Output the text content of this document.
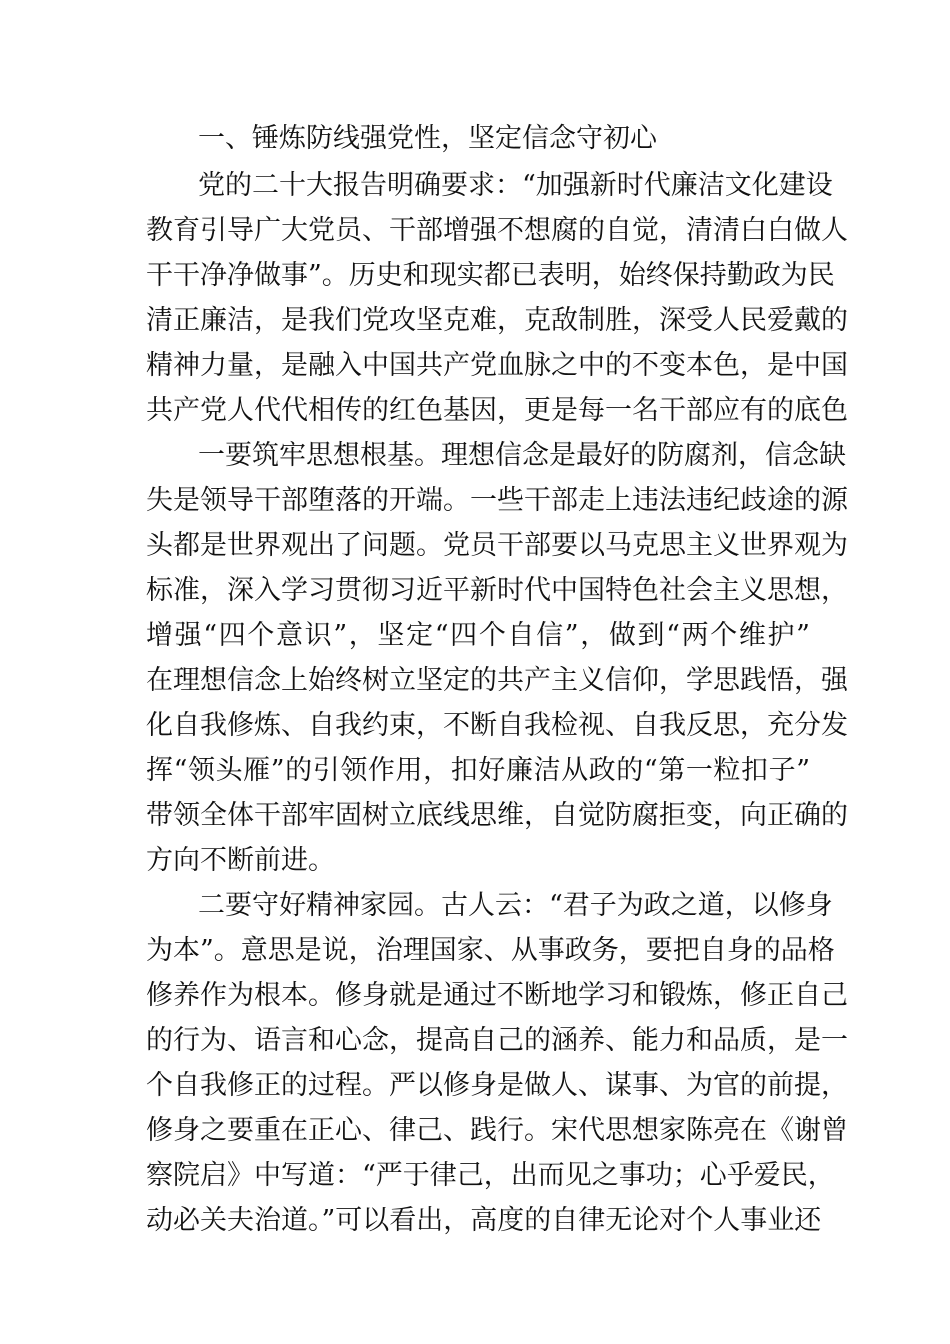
一、锤炼防线强党性，坚定信念守初心
党的二十大报告明确要求：“加强新时代廉洁文化建设
教育引导广大党员、干部增强不想腐的自觉，清清白白做人
干干净净做事”。历史和现实都已表明，始终保持勤政为民
清正廉洁，是我们党攻坚克难，克敌制胜，深受人民爱戴的
精神力量，是融入中国共产党血脉之中的不变本色，是中国
共产党人代代相传的红色基因，更是每一名干部应有的底色
一要筑牢思想根基。理想信念是最好的防腐剂，信念缺
失是领导干部堕落的开端。一些干部走上违法违纪歧途的源
头都是世界观出了问题。党员干部要以马克思主义世界观为
标准，深入学习贯彻习近平新时代中国特色社会主义思想，
增强“四个意识”，坚定“四个自信”，做到“两个维护”
在理想信念上始终树立坚定的共产主义信仰，学思践悟，强
化自我修炼、自我约束，不断自我检视、自我反思，充分发
挥“领头雁”的引领作用，扣好廉洁从政的“第一粒扣子”
带领全体干部牢固树立底线思维，自觉防腐拒变，向正确的
方向不断前进。
二要守好精神家园。古人云：“君子为政之道，以修身
为本”。意思是说，治理国家、从事政务，要把自身的品格
修养作为根本。修身就是通过不断地学习和锻炼，修正自己
的行为、语言和心念，提高自己的涵养、能力和品质，是一
个自我修正的过程。严以修身是做人、谋事、为官的前提，
修身之要重在正心、律己、践行。宋代思想家陈亮在《谢曾
察院启》中写道：“严于律己，出而见之事功；心乎爱民，
动必关夫治道。”可以看出，高度的自律无论对个人事业还
